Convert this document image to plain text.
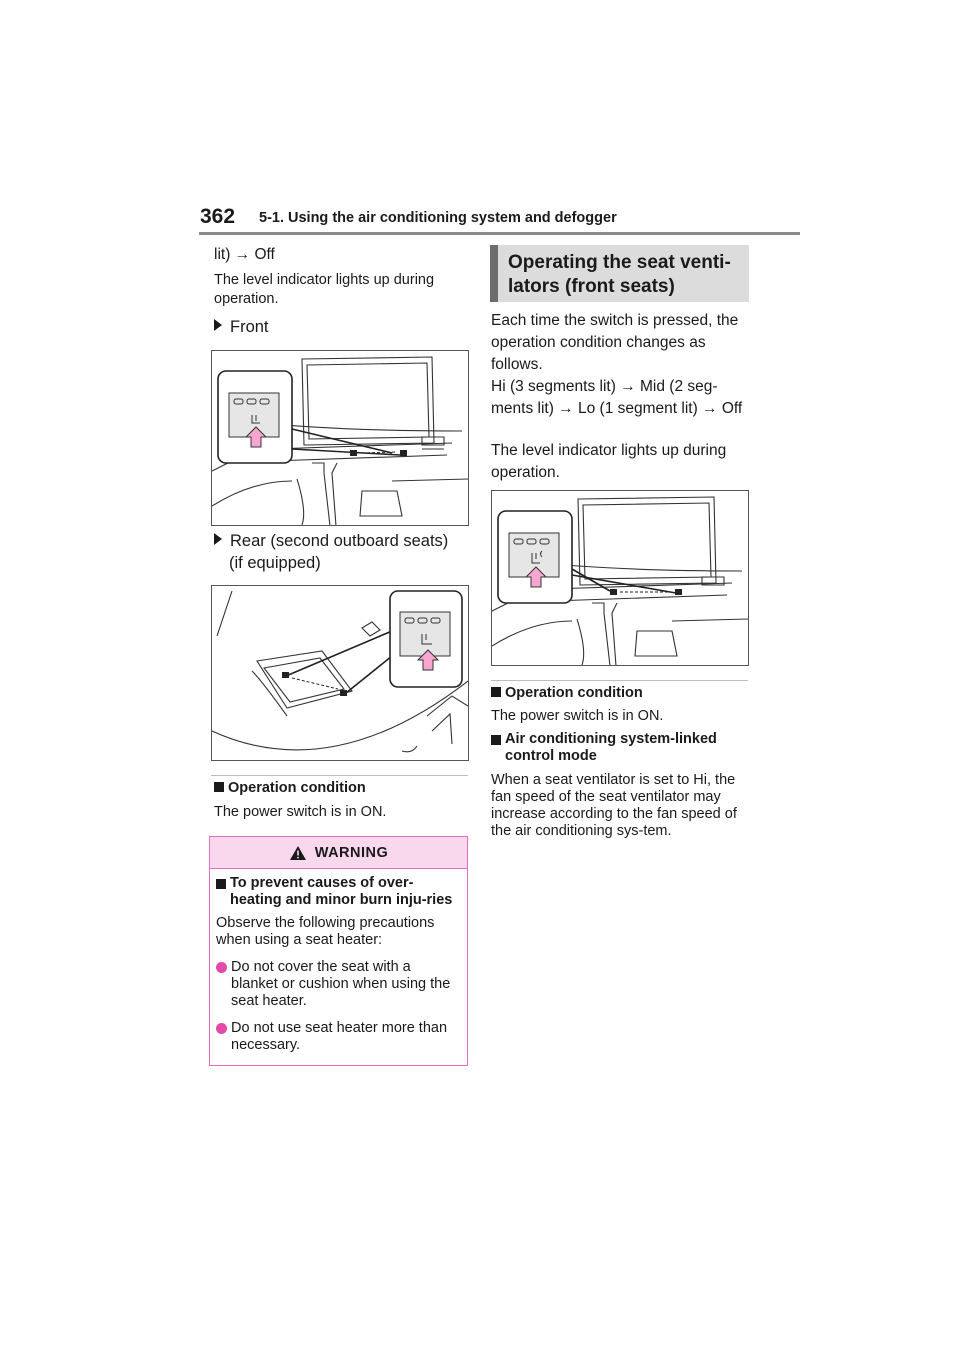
362 5-1. Using the air conditioning system and defogger
lit) → Off
The level indicator lights up during operation.
Front
Rear (second outboard seats)
(if equipped)
Operation condition
The power switch is in ON.
WARNING
To prevent causes of over-heating and minor burn inju-ries
Observe the following precautions when using a seat heater:
Do not cover the seat with a blanket or cushion when using the seat heater.
Do not use seat heater more than necessary.
Operating the seat venti-
lators (front seats)
Each time the switch is pressed, the operation condition changes as follows.
Hi (3 segments lit) → Mid (2 seg-ments lit) → Lo (1 segment lit) → Off
The level indicator lights up during operation.
Operation condition
The power switch is in ON.
Air conditioning system-linked control mode
When a seat ventilator is set to Hi, the fan speed of the seat ventilator may increase according to the fan speed of the air conditioning sys-tem.
